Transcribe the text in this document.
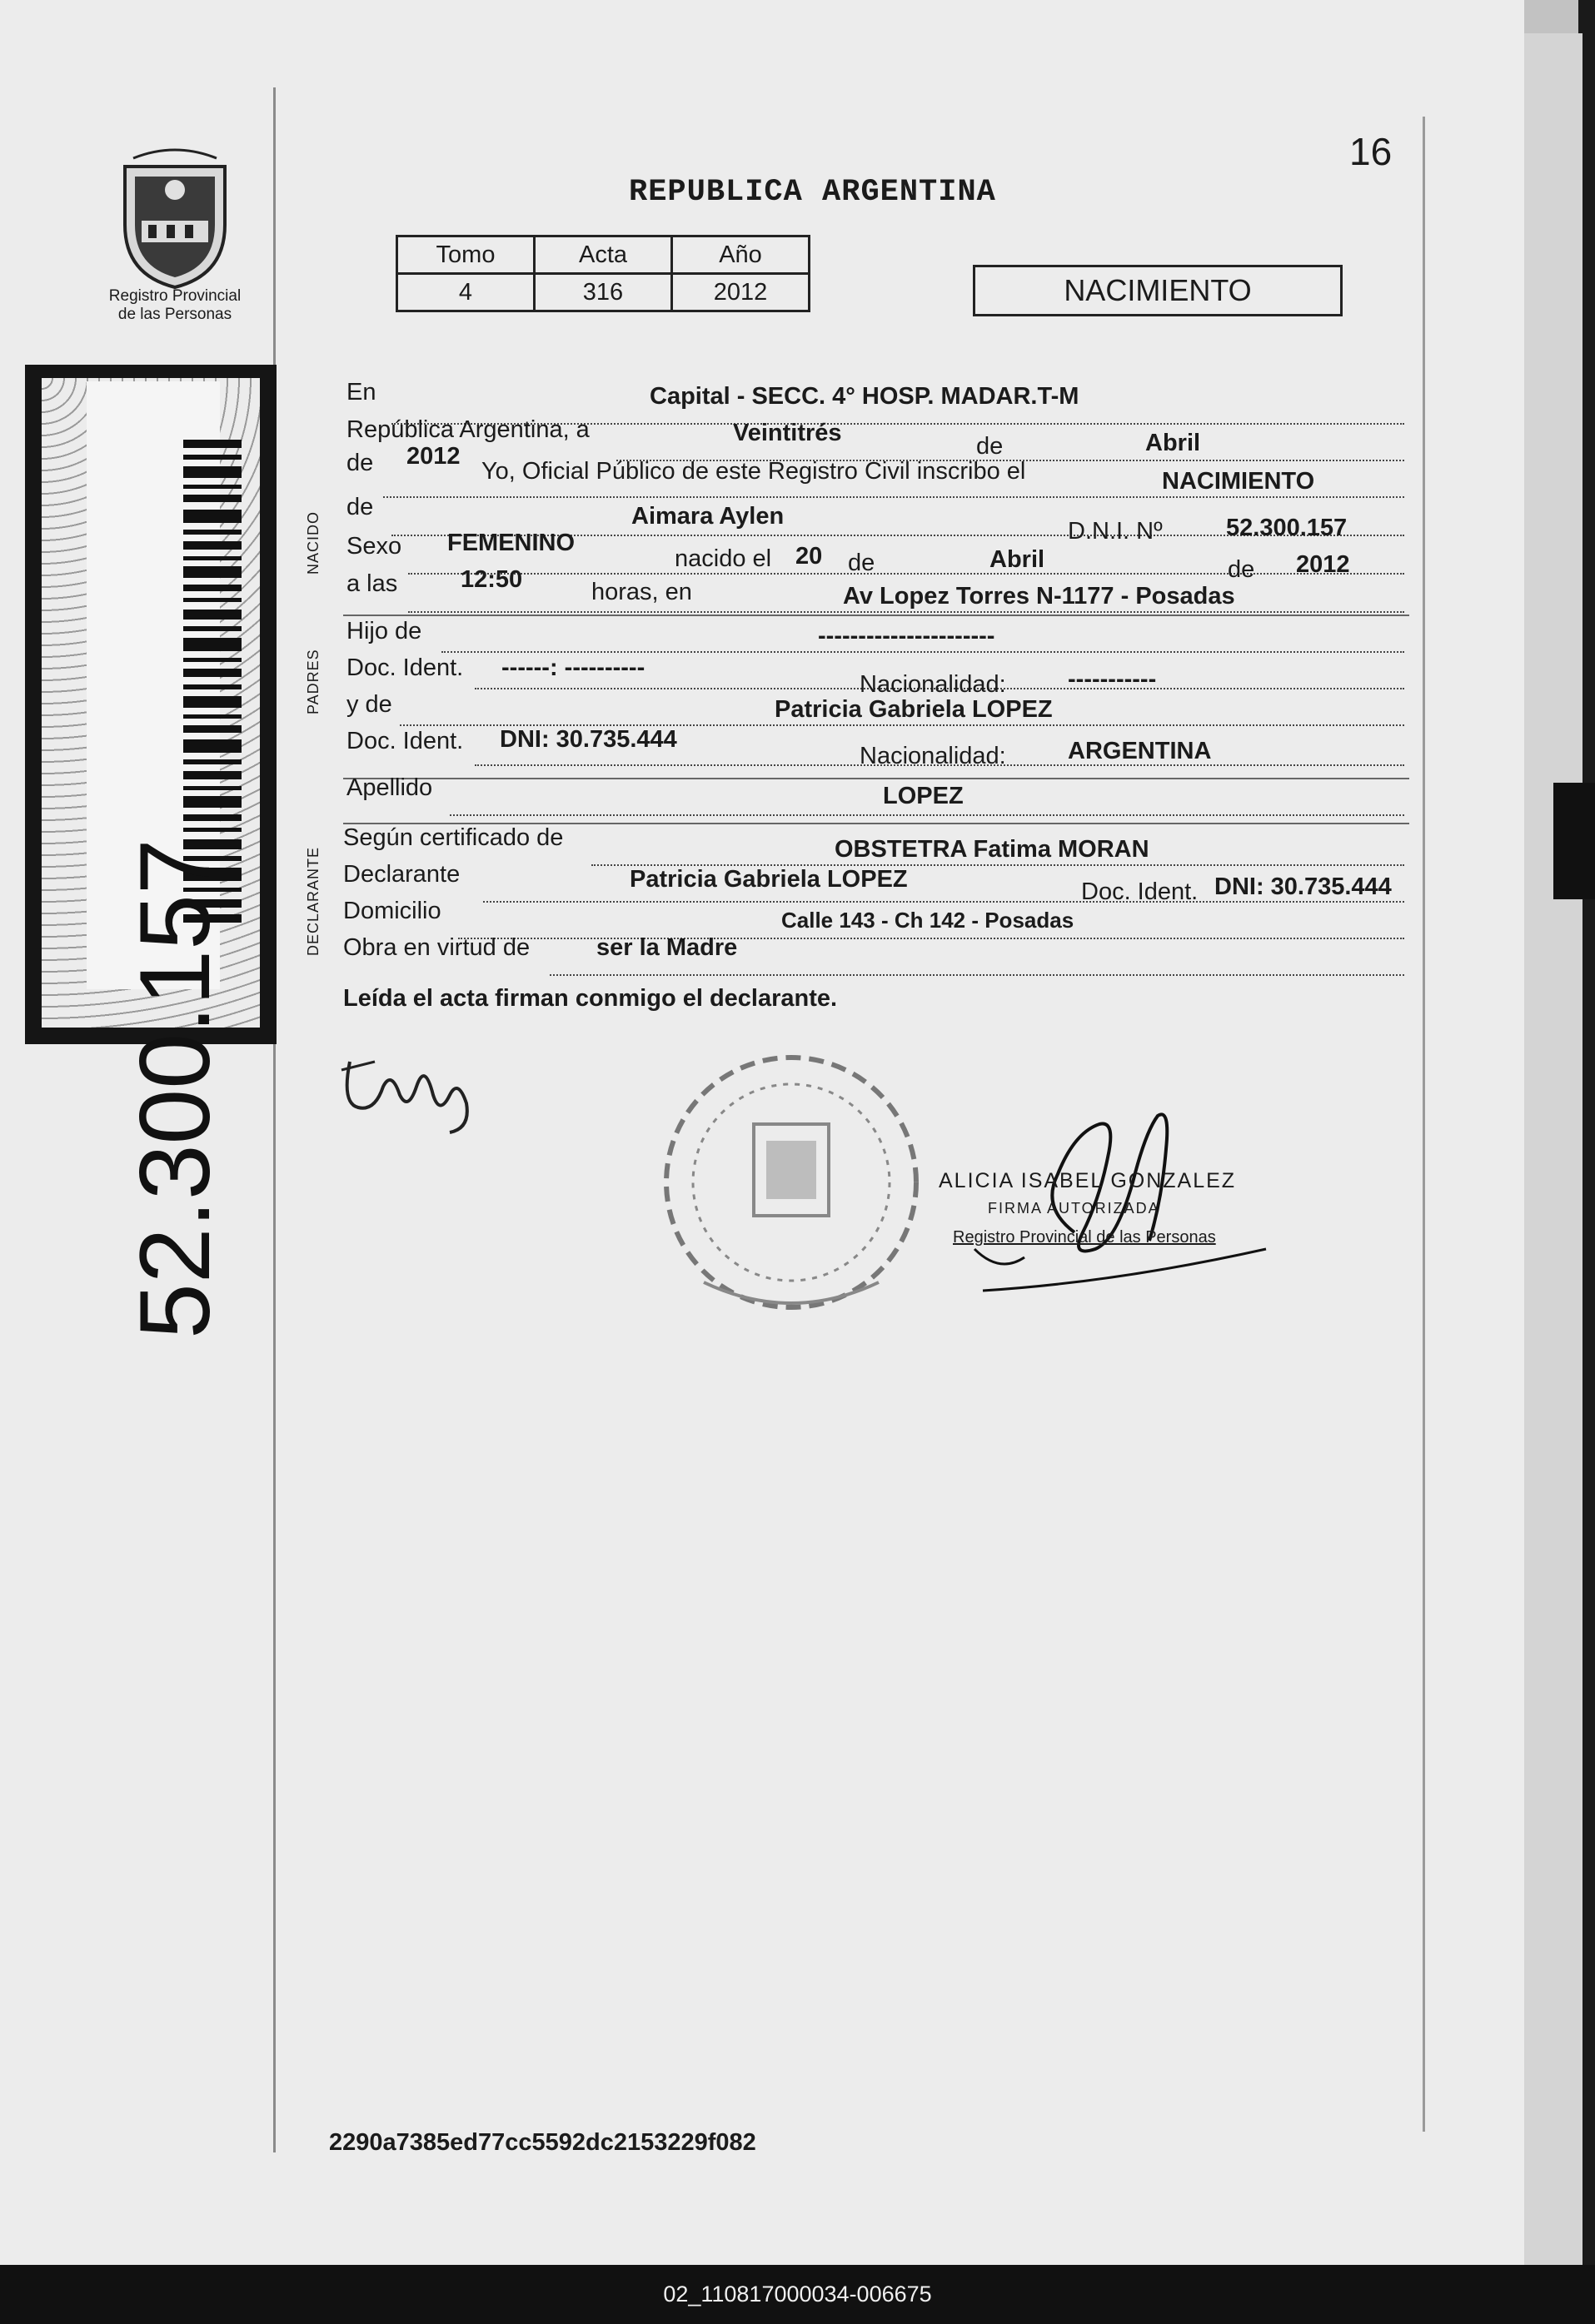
16
REPUBLICA ARGENTINA
Registro Provincial
de las Personas
Tomo	Acta	Año
4	316	2012	NACIMIENTO
52.300.157
NACIDO
PADRES
DECLARANTE
En	Capital - SECC. 4° HOSP. MADAR.T-M
República Argentina, a	Veintitrés	de	Abril
de 2012
Yo, Oficial Público de este Registro Civil inscribo el	NACIMIENTO
de	Aimara Aylen
D.N.I. Nº	52.300.157
Sexo FEMENINO
nacido el 20 de	Abril	de 2012
a las	12:50	horas, en	Av Lopez Torres N-1177 - Posadas
Hijo de	----------------------
Doc. Ident. ------: ----------
Nacionalidad:	-----------
y de	Patricia Gabriela LOPEZ
Doc. Ident. DNI: 30.735.444
Nacionalidad:	ARGENTINA
Apellido	LOPEZ
Según certificado de	OBSTETRA Fatima MORAN
Declarante	Patricia Gabriela LOPEZ	Doc. Ident. DNI: 30.735.444
Domicilio	Calle 143 - Ch 142 - Posadas
Obra en virtud de	ser la Madre
Leída el acta firman conmigo el declarante.
ALICIA ISABEL GONZALEZ
FIRMA AUTORIZADA
Registro Provincial de las Personas
2290a7385ed77cc5592dc2153229f082
02_110817000034-006675
